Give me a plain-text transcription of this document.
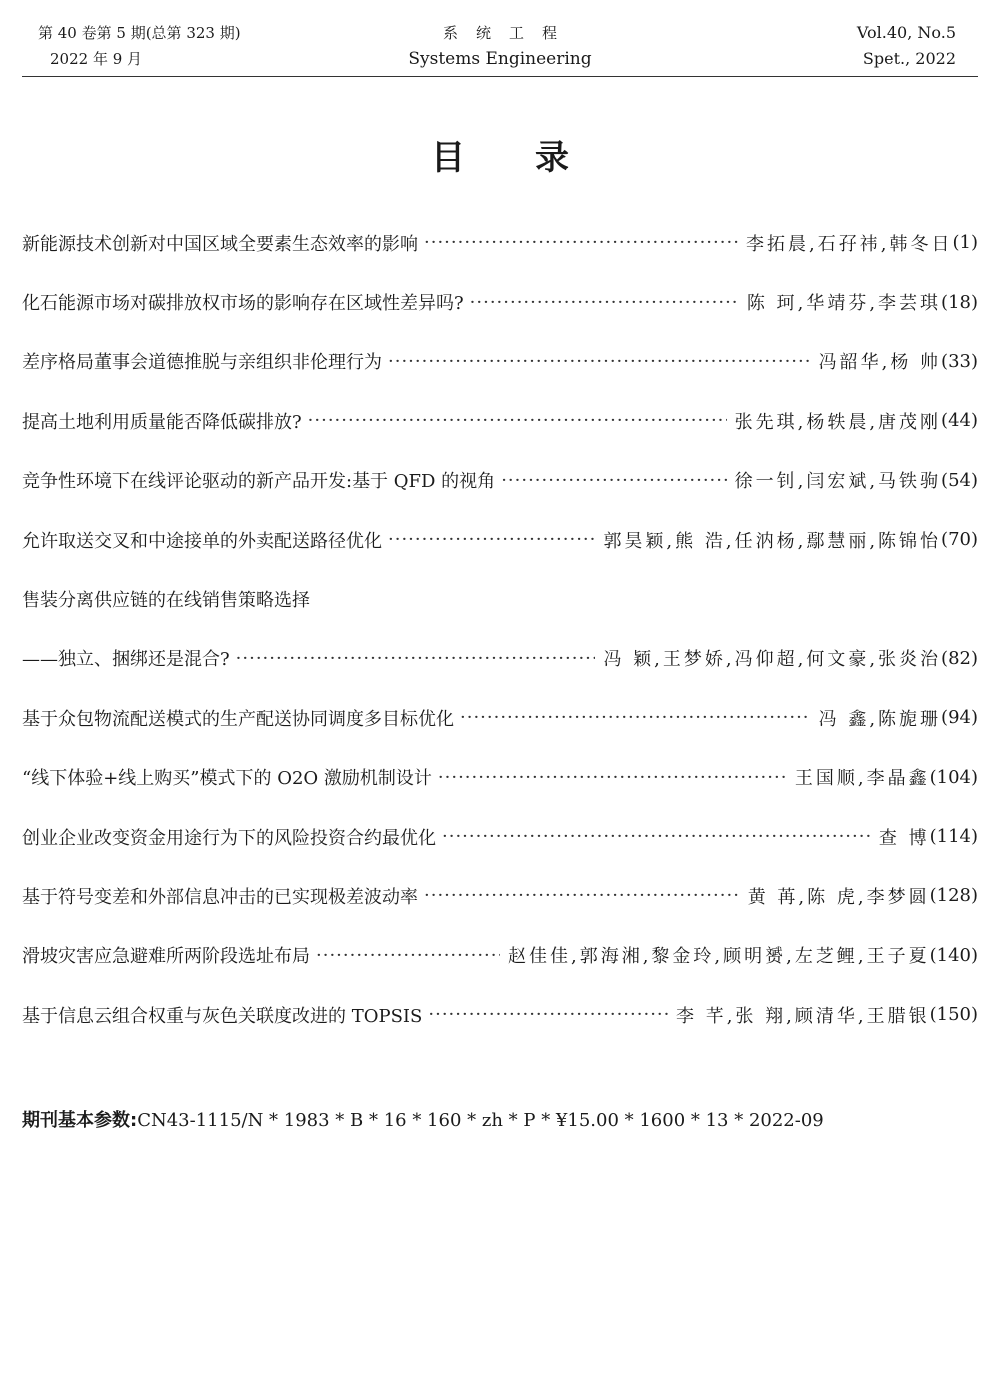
第 40 卷第 5 期(总第 323 期)
2022 年 9 月
系统工程
Systems Engineering
Vol.40, No.5
Spet., 2022
目录
新能源技术创新对中国区域全要素生态效率的影响 ·····	李拓晨,石孖祎,韩冬日 (1)
化石能源市场对碳排放权市场的影响存在区域性差异吗? ·····	陈 珂,华靖芬,李芸琪 (18)
差序格局董事会道德推脱与亲组织非伦理行为 ·····	冯韶华,杨 帅 (33)
提高土地利用质量能否降低碳排放? ·····	张先琪,杨轶晨,唐茂刚 (44)
竞争性环境下在线评论驱动的新产品开发:基于 QFD 的视角 ·····	徐一钊,闫宏斌,马铁驹 (54)
允许取送交叉和中途接单的外卖配送路径优化 ·····	郭昊颖,熊 浩,任汭杨,鄢慧丽,陈锦怡 (70)
售装分离供应链的在线销售策略选择
——独立、捆绑还是混合? ·····	冯 颖,王梦娇,冯仰超,何文豪,张炎治 (82)
基于众包物流配送模式的生产配送协同调度多目标优化 ·····	冯 鑫,陈旎珊 (94)
“线下体验+线上购买”模式下的 O2O 激励机制设计 ·····	王国顺,李晶鑫 (104)
创业企业改变资金用途行为下的风险投资合约最优化 ·····	查 博 (114)
基于符号变差和外部信息冲击的已实现极差波动率 ·····	黄 苒,陈 虎,李梦圆 (128)
滑坡灾害应急避难所两阶段选址布局 ·····	赵佳佳,郭海湘,黎金玲,顾明赟,左芝鲤,王子夏 (140)
基于信息云组合权重与灰色关联度改进的 TOPSIS ·····	李 芊,张 翔,顾清华,王腊银 (150)
期刊基本参数:CN43-1115/N * 1983 * B * 16 * 160 * zh * P * ¥15.00 * 1600 * 13 * 2022-09
